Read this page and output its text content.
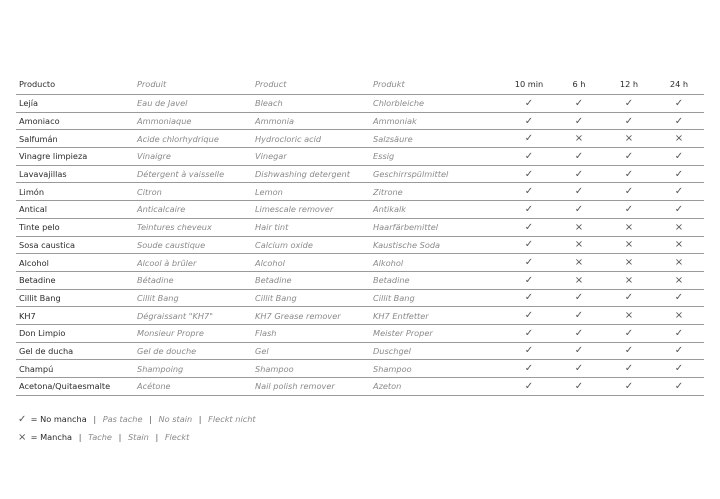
Producto	Produit	Product	Produkt	10 min	6 h	12 h	24 h
Lejía	Eau de Javel	Bleach	Chlorbleiche	✓	✓	✓	✓
Amoniaco	Ammoniaque	Ammonia	Ammoniak	✓	✓	✓	✓
Salfumán	Acide chlorhydrique	Hydrocloric acid	Salzsäure	✓	×	×	×
Vinagre limpieza	Vinaigre	Vinegar	Essig	✓	✓	✓	✓
Lavavajillas	Détergent à vaisselle	Dishwashing detergent	Geschirrspülmittel	✓	✓	✓	✓
Limón	Citron	Lemon	Zitrone	✓	✓	✓	✓
Antical	Anticalcaire	Limescale remover	Antikalk	✓	✓	✓	✓
Tinte pelo	Teintures cheveux	Hair tint	Haarfärbemittel	✓	×	×	×
Sosa caustica	Soude caustique	Calcium oxide	Kaustische Soda	✓	×	×	×
Alcohol	Alcool à brûler	Alcohol	Alkohol	✓	×	×	×
Betadine	Bétadine	Betadine	Betadine	✓	×	×	×
Cillit Bang	Cillit Bang	Cillit Bang	Cillit Bang	✓	✓	✓	✓
KH7	Dégraissant "KH7"	KH7 Grease remover	KH7 Entfetter	✓	✓	×	×
Don Limpio	Monsieur Propre	Flash	Meister Proper	✓	✓	✓	✓
Gel de ducha	Gel de douche	Gel	Duschgel	✓	✓	✓	✓
Champú	Shampoing	Shampoo	Shampoo	✓	✓	✓	✓
Acetona/Quitaesmalte	Acétone	Nail polish remover	Azeton	✓	✓	✓	✓
✓ = No mancha | Pas tache | No stain | Fleckt nicht
× = Mancha | Tache | Stain | Fleckt
